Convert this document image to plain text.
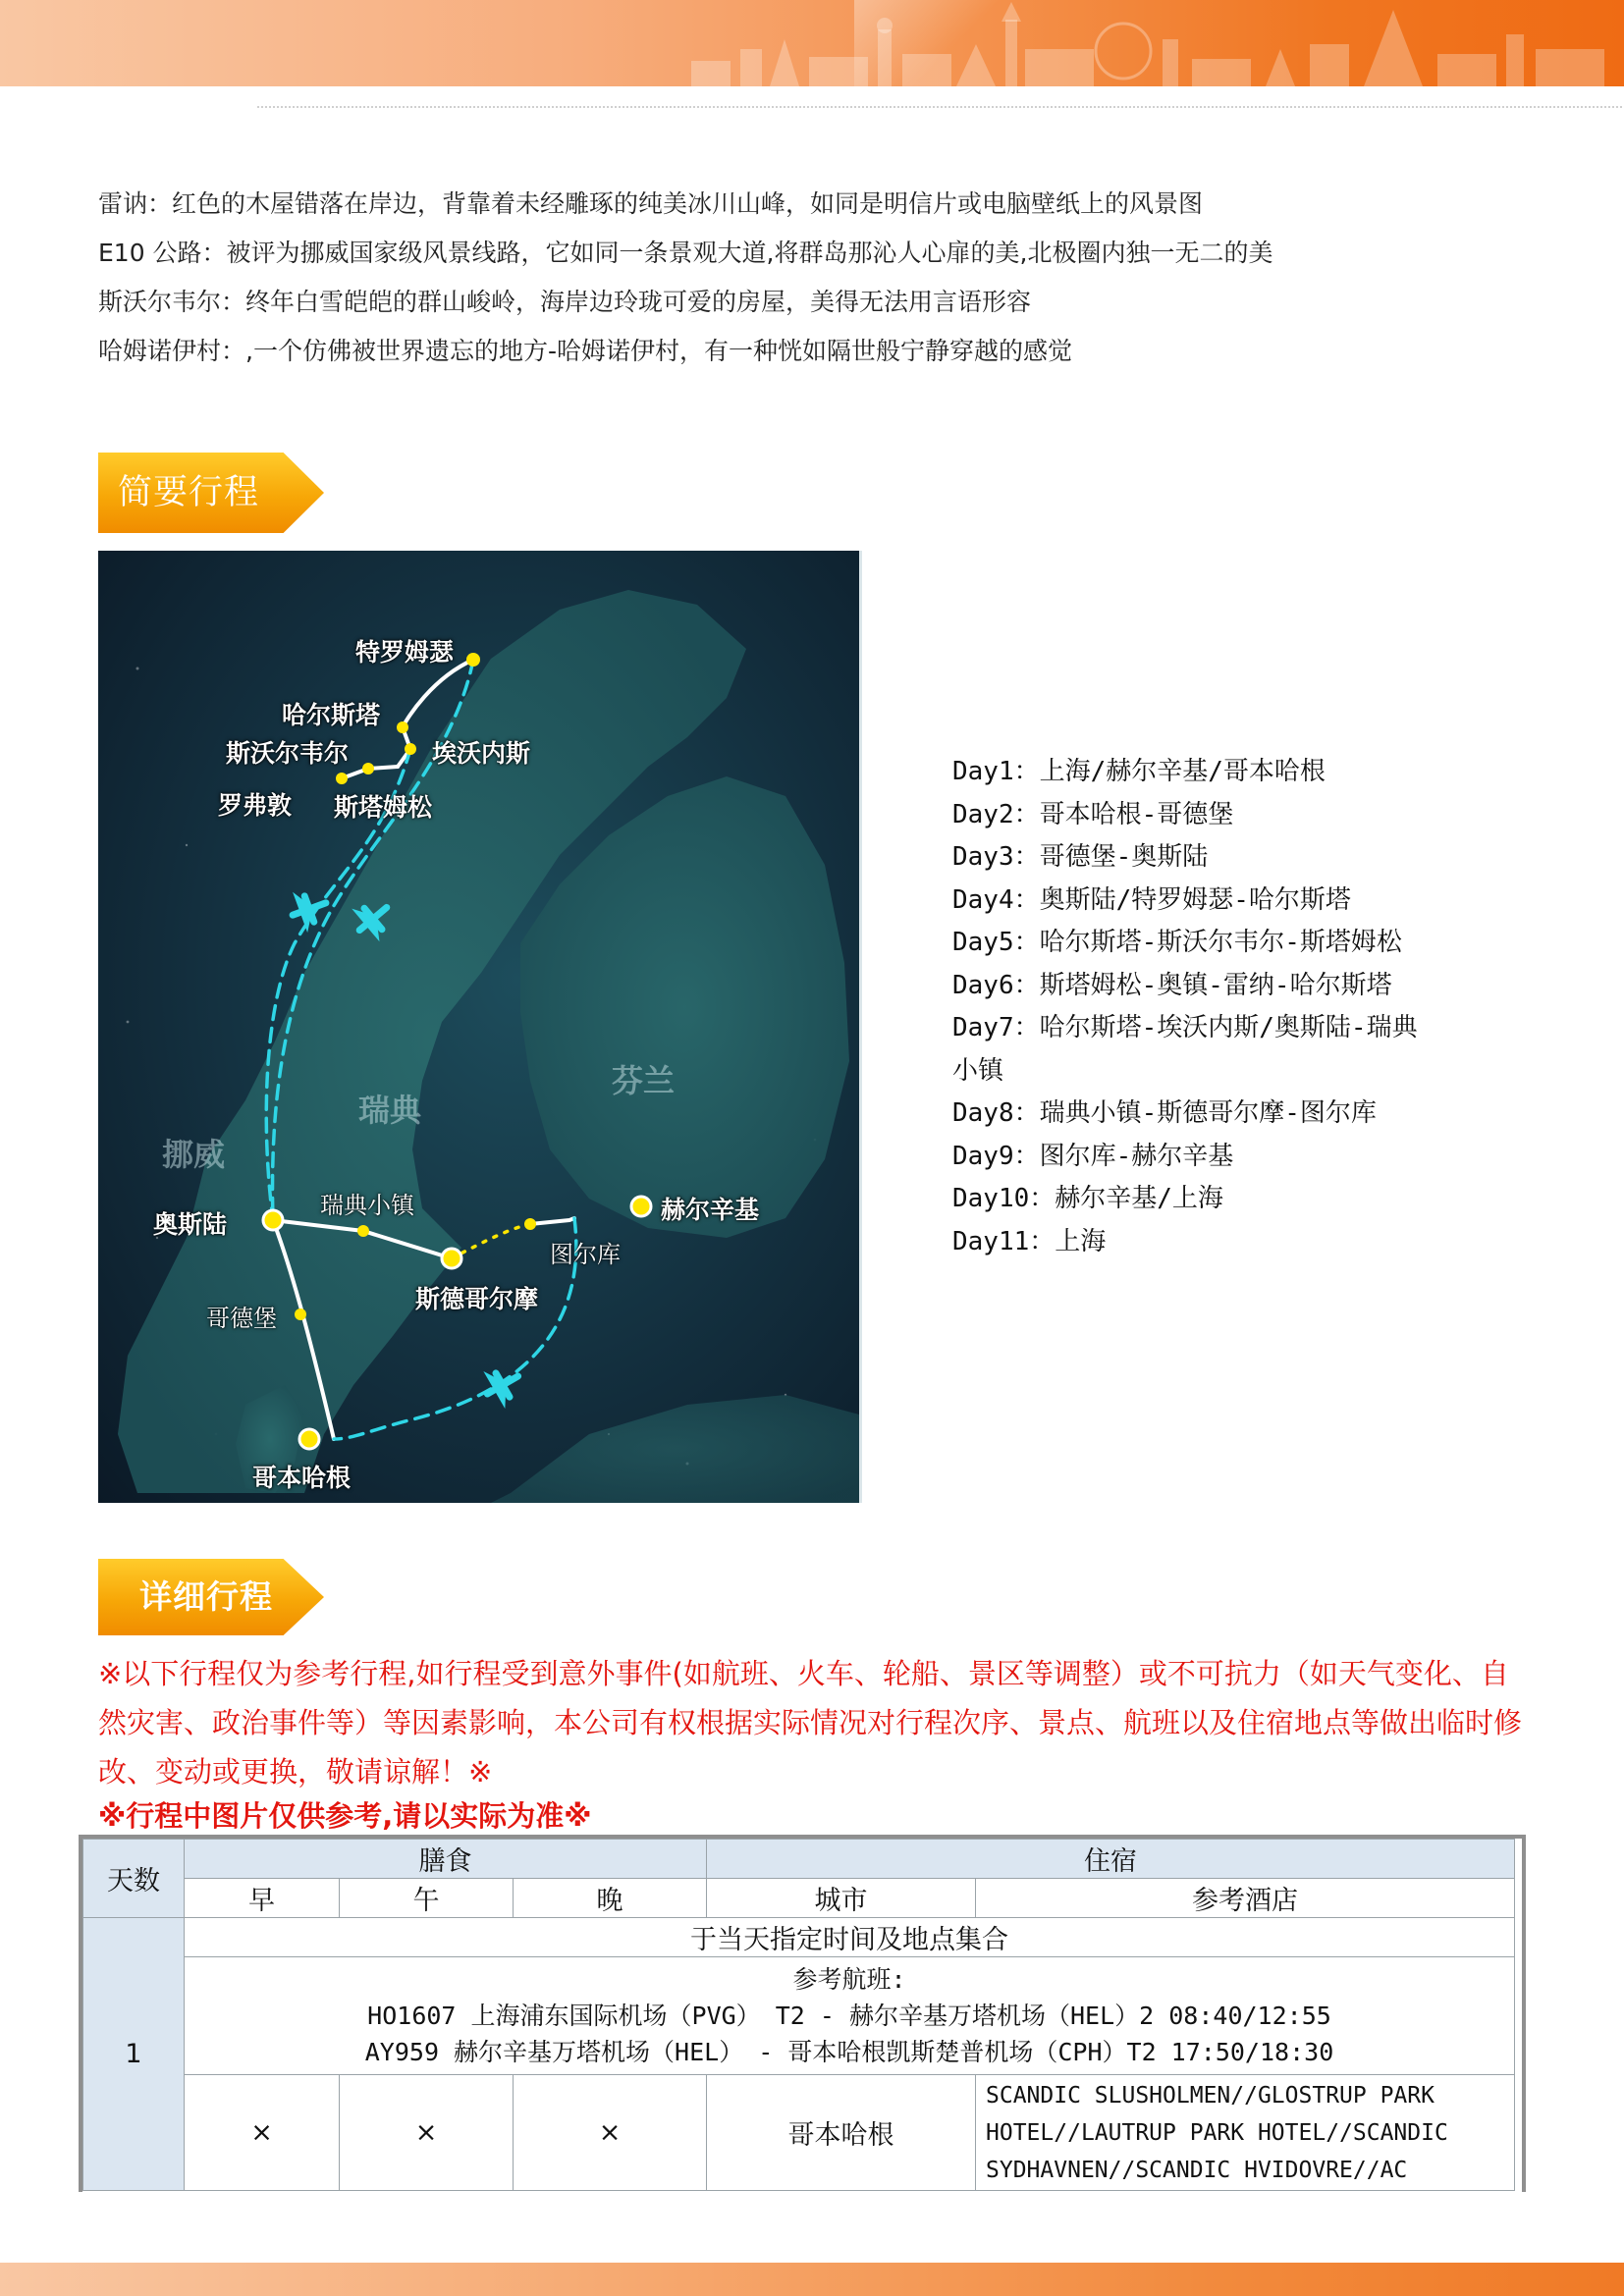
雷讷：红色的木屋错落在岸边，背靠着未经雕琢的纯美冰川山峰，如同是明信片或电脑壁纸上的风景图

E10 公路：被评为挪威国家级风景线路，它如同一条景观大道,将群岛那沁人心扉的美,北极圈内独一无二的美

斯沃尔韦尔：终年白雪皑皑的群山峻岭，海岸边玲珑可爱的房屋，美得无法用言语形容

哈姆诺伊村：,一个仿佛被世界遗忘的地方-哈姆诺伊村，有一种恍如隔世般宁静穿越的感觉

简要行程
特罗姆瑟
哈尔斯塔
斯沃尔韦尔	埃沃内斯
罗弗敦 斯塔姆松
挪威
瑞典
芬兰
奥斯陆
瑞典小镇
斯德哥尔摩
图尔库
赫尔辛基
哥德堡
哥本哈根
Day1：上海/赫尔辛基/哥本哈根
Day2：哥本哈根-哥德堡
Day3：哥德堡-奥斯陆
Day4：奥斯陆/特罗姆瑟-哈尔斯塔
Day5：哈尔斯塔-斯沃尔韦尔-斯塔姆松
Day6：斯塔姆松-奥镇-雷纳-哈尔斯塔
Day7：哈尔斯塔-埃沃内斯/奥斯陆-瑞典
小镇
Day8：瑞典小镇-斯德哥尔摩-图尔库
Day9：图尔库-赫尔辛基
Day10：赫尔辛基/上海
Day11：上海
详细行程
※以下行程仅为参考行程,如行程受到意外事件(如航班、火车、轮船、景区等调整）或不可抗力（如天气变化、自然灾害、政治事件等）等因素影响，本公司有权根据实际情况对行程次序、景点、航班以及住宿地点等做出临时修改、变动或更换，敬请谅解！※
※行程中图片仅供参考,请以实际为准※
天数	膳食			住宿	
	早	午	晚	城市	参考酒店
1	于当天指定时间及地点集合				

	参考航班:
HO1607 上海浦东国际机场（PVG） T2 - 赫尔辛基万塔机场（HEL）2 08:40/12:55
AY959 赫尔辛基万塔机场（HEL） - 哥本哈根凯斯楚普机场（CPH）T2 17:50/18:30				

	×	×	×	哥本哈根	SCANDIC SLUSHOLMEN//GLOSTRUP PARK HOTEL//LAUTRUP PARK HOTEL//SCANDIC SYDHAVNEN//SCANDIC HVIDOVRE//AC
